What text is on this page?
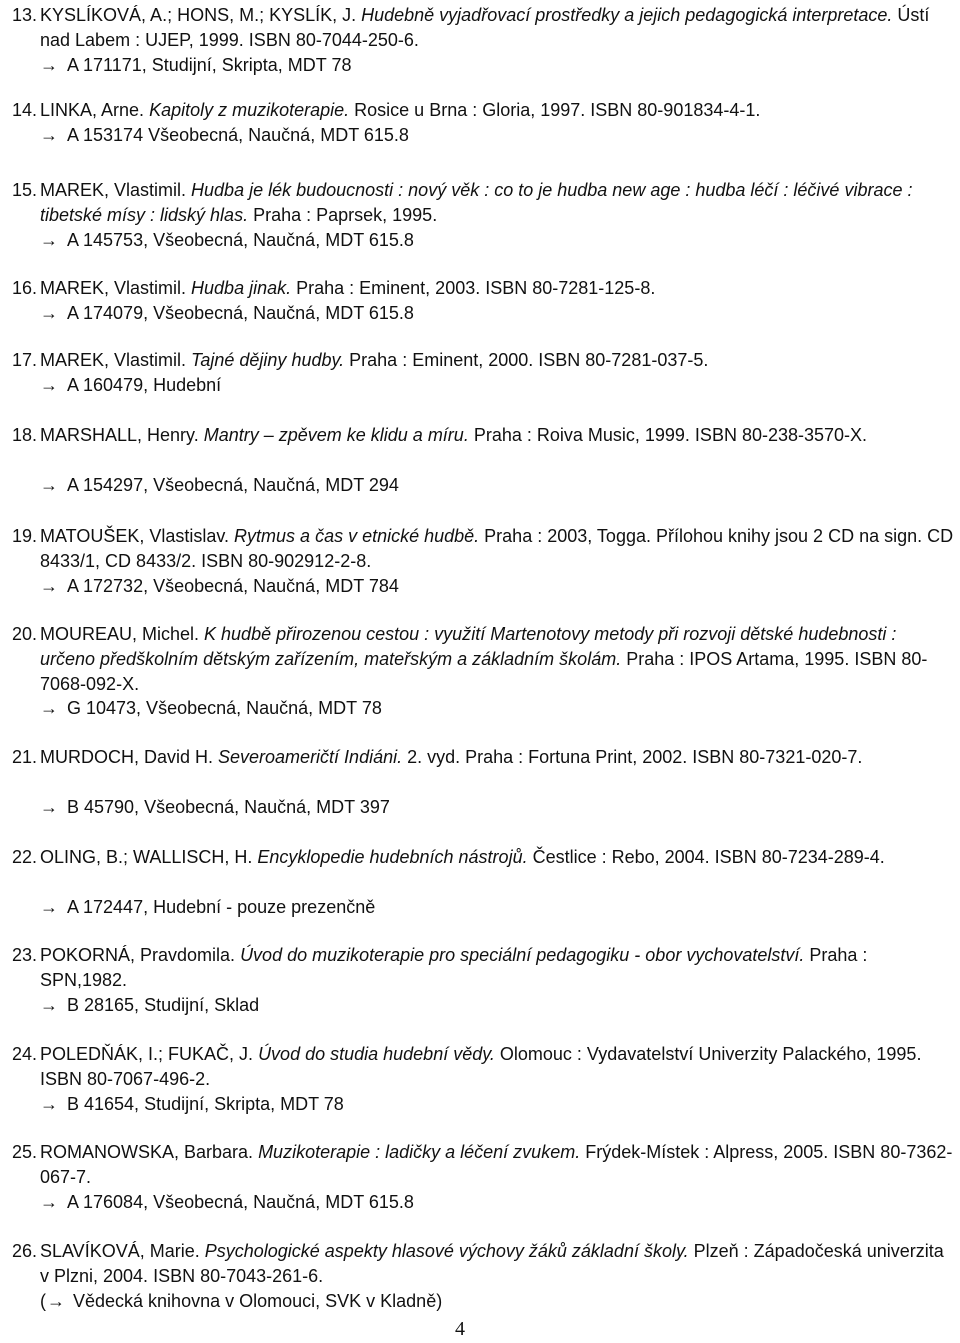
13. KYSLÍKOVÁ, A.; HONS, M.; KYSLÍK, J. Hudebně vyjadřovací prostředky a jejich pedagogická interpretace. Ústí nad Labem : UJEP, 1999. ISBN 80-7044-250-6.
→ A 171171, Studijní, Skripta, MDT 78
14. LINKA, Arne. Kapitoly z muzikoterapie. Rosice u Brna : Gloria, 1997. ISBN 80-901834-4-1.
→ A 153174 Všeobecná, Naučná, MDT 615.8
15. MAREK, Vlastimil. Hudba je lék budoucnosti : nový věk : co to je hudba new age : hudba léčí : léčivé vibrace : tibetské mísy : lidský hlas. Praha : Paprsek, 1995.
→ A 145753, Všeobecná, Naučná, MDT 615.8
16. MAREK, Vlastimil. Hudba jinak. Praha : Eminent, 2003. ISBN 80-7281-125-8.
→ A 174079, Všeobecná, Naučná, MDT 615.8
17. MAREK, Vlastimil. Tajné dějiny hudby. Praha : Eminent, 2000. ISBN 80-7281-037-5.
→ A 160479, Hudební
18. MARSHALL, Henry. Mantry – zpěvem ke klidu a míru. Praha : Roiva Music, 1999. ISBN 80-238-3570-X.
→ A 154297, Všeobecná, Naučná, MDT 294
19. MATOUŠEK, Vlastislav. Rytmus a čas v etnické hudbě. Praha : 2003, Togga. Přílohou knihy jsou 2 CD na sign. CD 8433/1, CD 8433/2. ISBN 80-902912-2-8.
→ A 172732, Všeobecná, Naučná, MDT 784
20. MOUREAU, Michel. K hudbě přirozenou cestou : využití Martenotovy metody při rozvoji dětské hudebnosti : určeno předškolním dětským zařízením, mateřským a základním školám. Praha : IPOS Artama, 1995. ISBN 80-7068-092-X.
→ G 10473, Všeobecná, Naučná, MDT 78
21. MURDOCH, David H. Severoameričtí Indiáni. 2. vyd. Praha : Fortuna Print, 2002. ISBN 80-7321-020-7.
→ B 45790, Všeobecná, Naučná, MDT 397
22. OLING, B.; WALLISCH, H. Encyklopedie hudebních nástrojů. Čestlice : Rebo, 2004. ISBN 80-7234-289-4.
→ A 172447, Hudební - pouze prezenčně
23. POKORNÁ, Pravdomila. Úvod do muzikoterapie pro speciální pedagogiku - obor vychovatelství. Praha : SPN,1982.
→ B 28165, Studijní, Sklad
24. POLEDŇÁK, I.; FUKAČ, J. Úvod do studia hudební vědy. Olomouc : Vydavatelství Univerzity Palackého, 1995. ISBN 80-7067-496-2.
→ B 41654, Studijní, Skripta, MDT 78
25. ROMANOWSKA, Barbara. Muzikoterapie : ladičky a léčení zvukem. Frýdek-Místek : Alpress, 2005. ISBN 80-7362-067-7.
→ A 176084, Všeobecná, Naučná, MDT 615.8
26. SLAVÍKOVÁ, Marie. Psychologické aspekty hlasové výchovy žáků základní školy. Plzeň : Západočeská univerzita v Plzni, 2004. ISBN 80-7043-261-6.
(→ Vědecká knihovna v Olomouci, SVK v Kladně)
4
